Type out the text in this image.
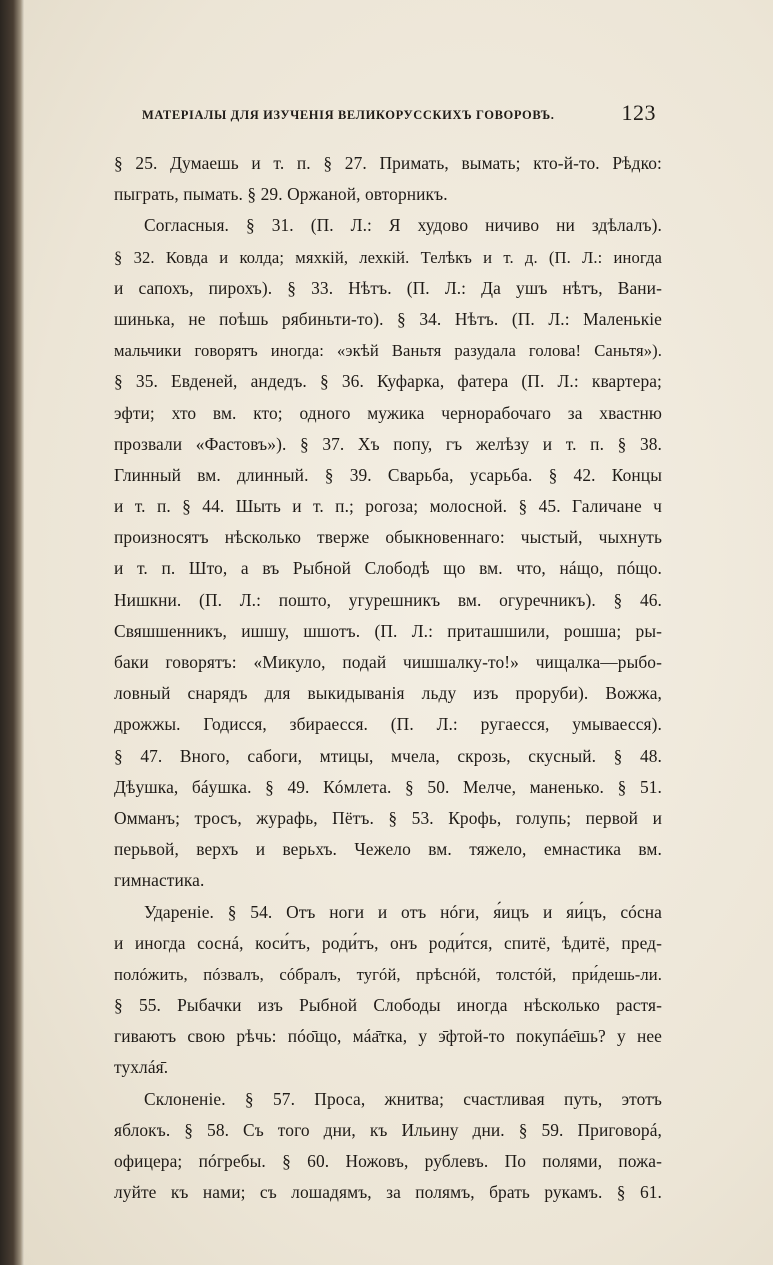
МАТЕРІАЛЫ ДЛЯ ИЗУЧЕНІЯ ВЕЛИКОРУССКИХЪ ГОВОРОВЪ.	123
§ 25. Думаешь и т. п. § 27. Примать, вымать; кто-й-то. Рѣдко:
пыграть, пымать. § 29. Оржаной, овторникъ.
Согласныя. § 31. (П. Л.: Я худово ничиво ни здѣлалъ).
§ 32. Ковда и колда; мяхкій, лехкій. Телѣкъ и т. д. (П. Л.: иногда
и сапохъ, пирохъ). § 33. Нѣтъ. (П. Л.: Да ушъ нѣтъ, Вани-
шинька, не поѣшь рябиньти-то). § 34. Нѣтъ. (П. Л.: Маленькіе
мальчики говорятъ иногда: «экѣй Ваньтя разудала голова! Саньтя»).
§ 35. Евденей, андедъ. § 36. Куфарка, фатера (П. Л.: квартера;
эфти; хто вм. кто; одного мужика чернорабочаго за хвастню
прозвали «Фастовъ»). § 37. Хъ попу, гъ желѣзу и т. п. § 38.
Глинный вм. длинный. § 39. Сварьба, усарьба. § 42. Концы
и т. п. § 44. Шыть и т. п.; рогоза; молосной. § 45. Галичане ч
произносятъ нѣсколько тверже обыкновеннаго: чыстый, чыхнуть
и т. п. Што, а въ Рыбной Слободѣ що вм. что, нáщо, пóщо.
Нишкни. (П. Л.: пошто, угурешникъ вм. огуречникъ). § 46.
Свяшшенникъ, ишшу, шшотъ. (П. Л.: приташшили, рошша; ры-
баки говорятъ: «Микуло, подай чишшалку-то!» чищалка—рыбо-
ловный снарядъ для выкидыванія льду изъ проруби). Вожжа,
дрожжы. Годисся, збираесся. (П. Л.: ругаесся, умываесся).
§ 47. Вного, сабоги, мтицы, мчела, скрозь, скусный. § 48.
Дѣушка, бáушка. § 49. Кóмлета. § 50. Мелче, маненько. § 51.
Омманъ; тросъ, журафь, Пётъ. § 53. Крофь, голупь; первой и
перьвой, верхъ и верьхъ. Чежело вм. тяжело, емнастика вм.
гимнастика.
Удареніе. § 54. Отъ ноги и отъ нóги, я́ицъ и яи́цъ, сóсна
и иногда соснá, коси́тъ, роди́тъ, онъ роди́тся, спитё, ѣдитё, пред-
полóжить, пóзвалъ, сóбралъ, тугóй, прѣснóй, толстóй, при́дешь-ли.
§ 55. Рыбачки изъ Рыбной Слободы иногда нѣсколько растя-
гиваютъ свою рѣчь: пóо̄що, мáа̄тка, у э̄фтой-то покупáе̄шь? у нее
тухлáя̄.
Склоненіе. § 57. Проса, жнитва; счастливая путь, этотъ
яблокъ. § 58. Съ того дни, къ Ильину дни. § 59. Приговорá,
офицера; пóгребы. § 60. Ножовъ, рублевъ. По полями, пожа-
луйте къ нами; съ лошадямъ, за полямъ, брать рукамъ. § 61.
